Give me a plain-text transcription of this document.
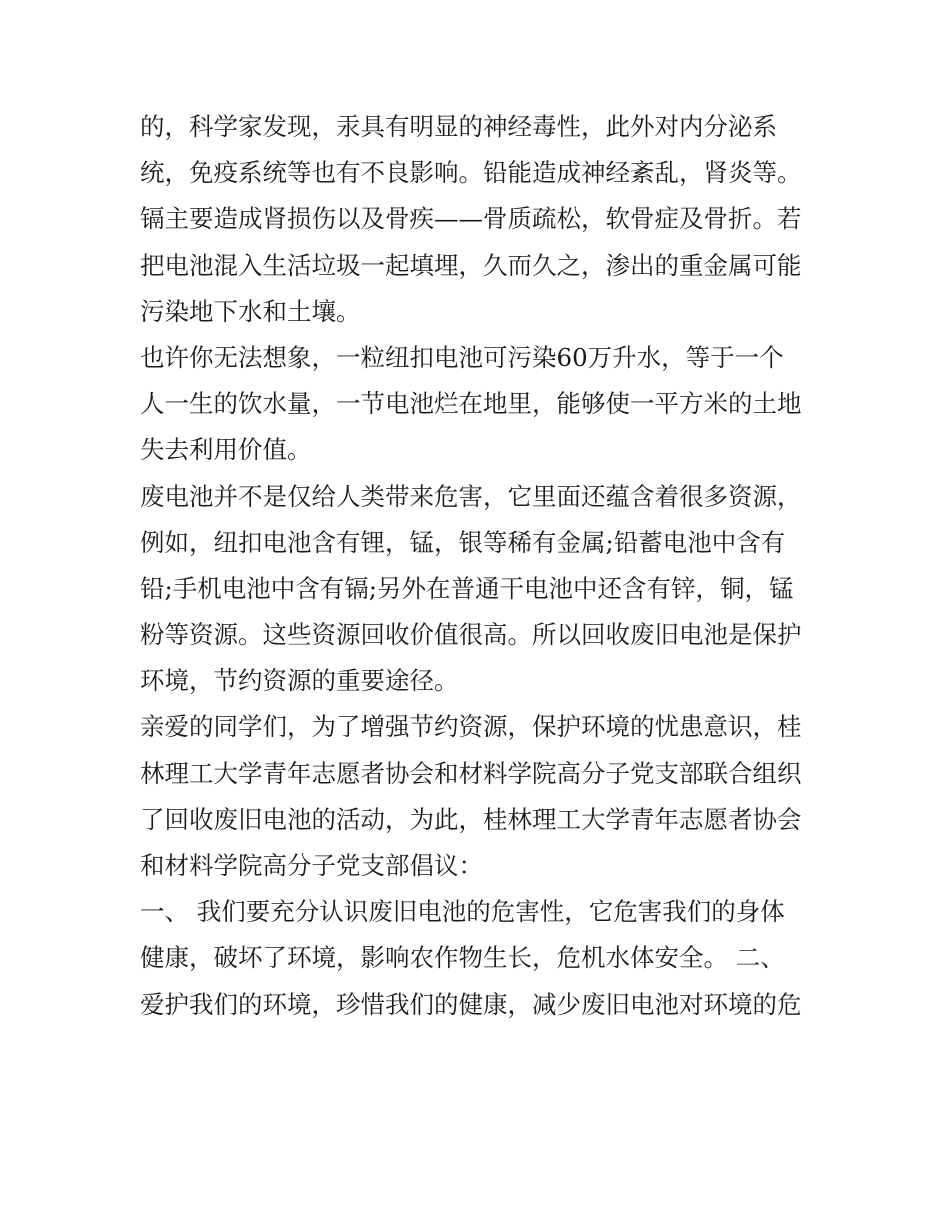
的，科学家发现，汞具有明显的神经毒性，此外对内分泌系
统，免疫系统等也有不良影响。铅能造成神经紊乱，肾炎等。
镉主要造成肾损伤以及骨疾——骨质疏松，软骨症及骨折。若
把电池混入生活垃圾一起填埋，久而久之，渗出的重金属可能
污染地下水和土壤。
也许你无法想象，一粒纽扣电池可污染60万升水，等于一个
人一生的饮水量，一节电池烂在地里，能够使一平方米的土地
失去利用价值。
废电池并不是仅给人类带来危害，它里面还蕴含着很多资源，
例如，纽扣电池含有锂，锰，银等稀有金属;铅蓄电池中含有
铅;手机电池中含有镉;另外在普通干电池中还含有锌，铜，锰
粉等资源。这些资源回收价值很高。所以回收废旧电池是保护
环境，节约资源的重要途径。
亲爱的同学们，为了增强节约资源，保护环境的忧患意识，桂
林理工大学青年志愿者协会和材料学院高分子党支部联合组织
了回收废旧电池的活动，为此，桂林理工大学青年志愿者协会
和材料学院高分子党支部倡议：
一、 我们要充分认识废旧电池的危害性，它危害我们的身体
健康，破坏了环境，影响农作物生长，危机水体安全。 二、
爱护我们的环境，珍惜我们的健康，减少废旧电池对环境的危
